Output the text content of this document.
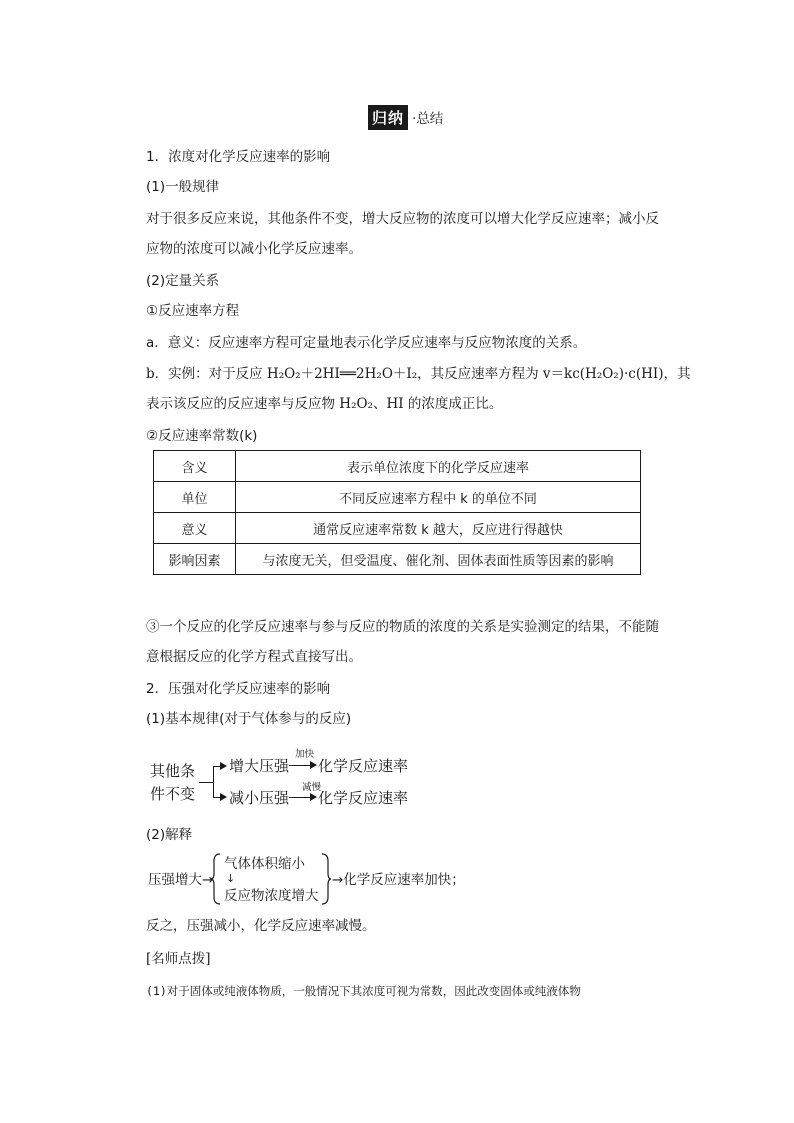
归纳 ·总结
1．浓度对化学反应速率的影响
(1)一般规律
对于很多反应来说，其他条件不变，增大反应物的浓度可以增大化学反应速率；减小反
应物的浓度可以减小化学反应速率。
(2)定量关系
①反应速率方程
a．意义：反应速率方程可定量地表示化学反应速率与反应物浓度的关系。
b．实例：对于反应 H₂O₂＋2HI══2H₂O＋I₂，其反应速率方程为 v＝kc(H₂O₂)·c(HI)，其
表示该反应的反应速率与反应物 H₂O₂、HI 的浓度成正比。
②反应速率常数(k)
含义	表示单位浓度下的化学反应速率
单位	不同反应速率方程中 k 的单位不同
意义	通常反应速率常数 k 越大，反应进行得越快
影响因素	与浓度无关，但受温度、催化剂、固体表面性质等因素的影响
③一个反应的化学反应速率与参与反应的物质的浓度的关系是实验测定的结果，不能随
意根据反应的化学方程式直接写出。
2．压强对化学反应速率的影响
(1)基本规律(对于气体参与的反应)
其他条
件不变
增大压强
加快
化学反应速率
减小压强
减慢
化学反应速率
(2)解释
压强增大→
气体体积缩小
↓
反应物浓度增大
→化学反应速率加快；
反之，压强减小，化学反应速率减慢。
[名师点拨]
(1)对于固体或纯液体物质，一般情况下其浓度可视为常数，因此改变固体或纯液体物
